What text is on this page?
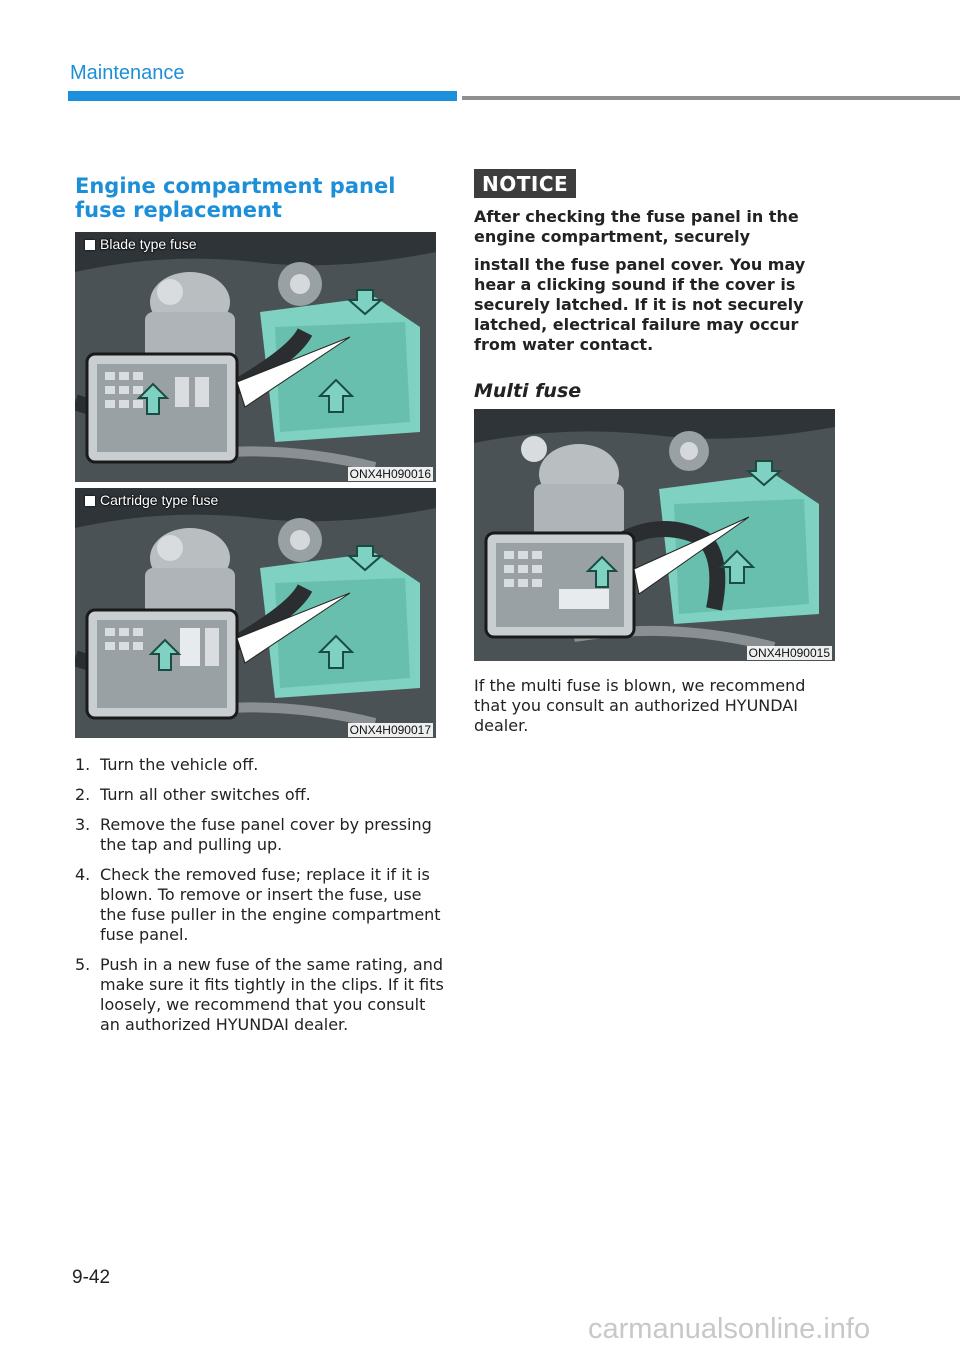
Maintenance
Engine compartment panel fuse replacement
Blade type fuse
ONX4H090016
Cartridge type fuse
ONX4H090017
1. Turn the vehicle off.
2. Turn all other switches off.
3. Remove the fuse panel cover by pressing the tap and pulling up.
4. Check the removed fuse; replace it if it is blown. To remove or insert the fuse, use the fuse puller in the engine compartment fuse panel.
5. Push in a new fuse of the same rating, and make sure it fits tightly in the clips. If it fits loosely, we recommend that you consult an authorized HYUNDAI dealer.
NOTICE

After checking the fuse panel in the engine compartment, securely

install the fuse panel cover. You may hear a clicking sound if the cover is securely latched. If it is not securely latched, electrical failure may occur from water contact.

Multi fuse
ONX4H090015

If the multi fuse is blown, we recommend that you consult an authorized HYUNDAI dealer.

9-42
carmanualsonline.info
